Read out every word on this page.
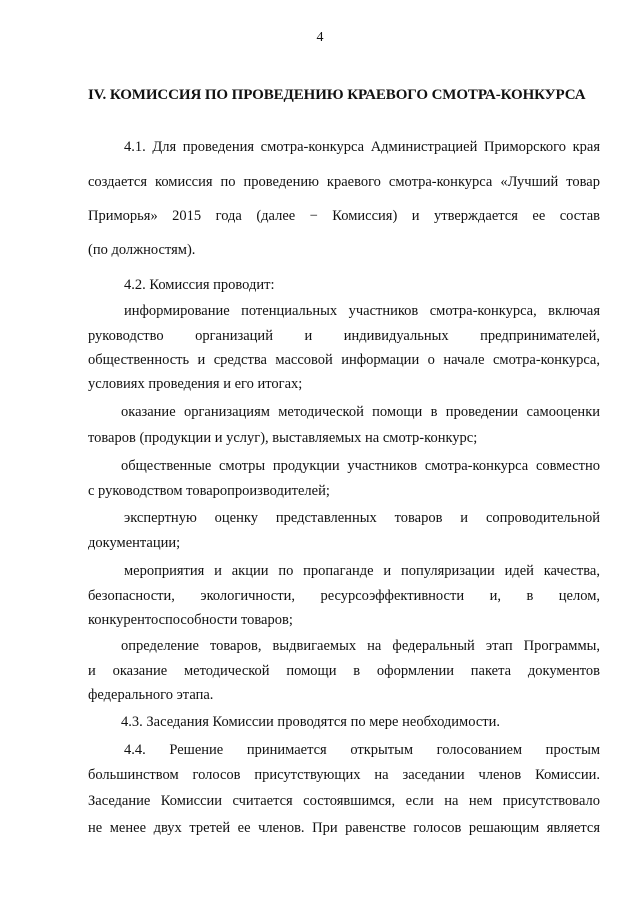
4
IV. КОМИССИЯ ПО ПРОВЕДЕНИЮ КРАЕВОГО СМОТРА-КОНКУРСА
4.1. Для проведения смотра-конкурса Администрацией Приморского края
создается комиссия по проведению краевого смотра-конкурса «Лучший товар
Приморья» 2015 года (далее − Комиссия) и утверждается ее состав
(по должностям).
4.2. Комиссия проводит:
информирование потенциальных участников смотра-конкурса, включая
руководство организаций и индивидуальных предпринимателей,
общественность и средства массовой информации о начале смотра-конкурса,
условиях проведения и его итогах;
оказание организациям методической помощи в проведении самооценки
товаров (продукции и услуг), выставляемых на смотр-конкурс;
общественные смотры продукции участников смотра-конкурса совместно
с руководством товаропроизводителей;
экспертную оценку представленных товаров и сопроводительной
документации;
мероприятия и акции по пропаганде и популяризации идей качества,
безопасности, экологичности, ресурсоэффективности и, в целом,
конкурентоспособности товаров;
определение товаров, выдвигаемых на федеральный этап Программы,
и оказание методической помощи в оформлении пакета документов
федерального этапа.
4.3. Заседания Комиссии проводятся по мере необходимости.
4.4. Решение принимается открытым голосованием простым
большинством голосов присутствующих на заседании членов Комиссии.
Заседание Комиссии считается состоявшимся, если на нем присутствовало
не менее двух третей ее членов. При равенстве голосов решающим является
